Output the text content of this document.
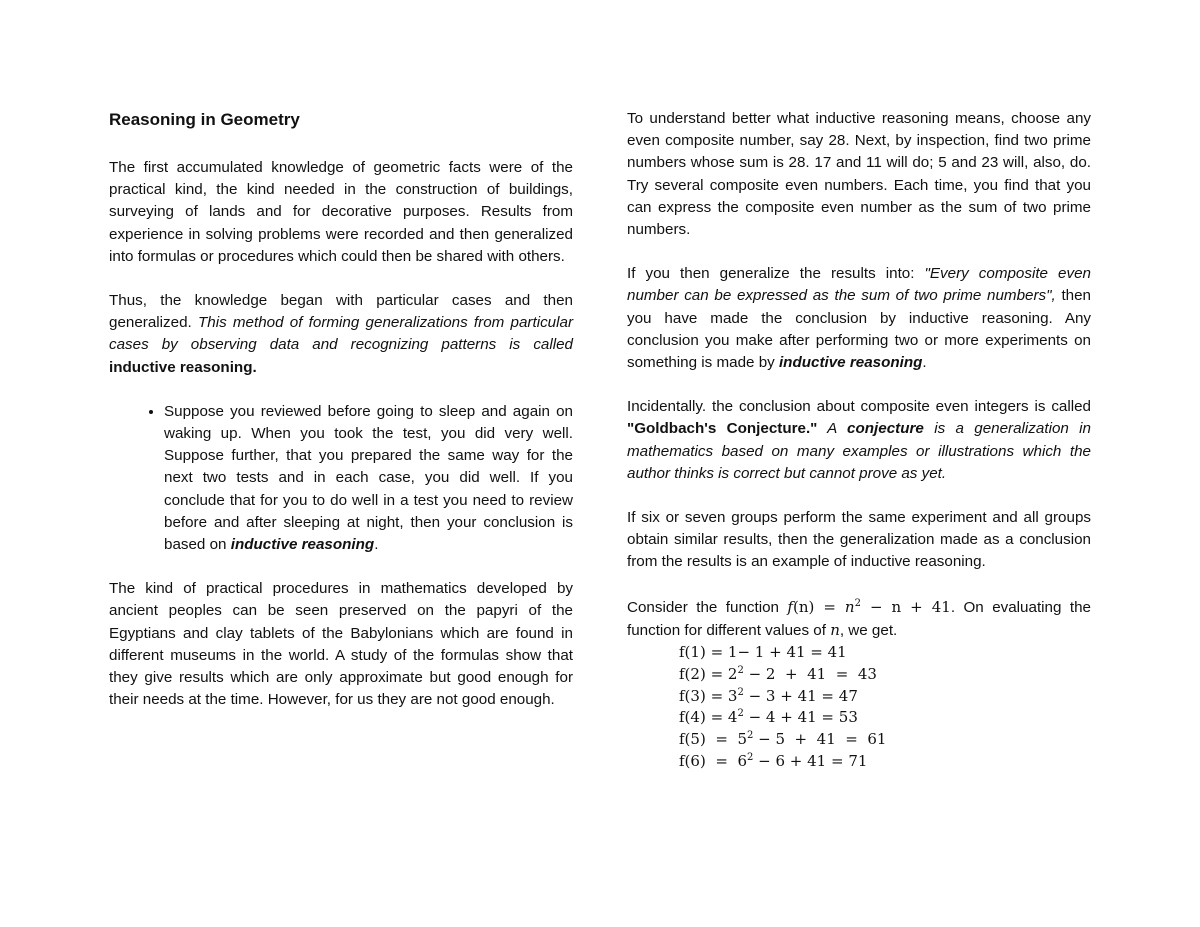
Reasoning in Geometry

The first accumulated knowledge of geometric facts were of the practical kind, the kind needed in the construction of buildings, surveying of lands and for decorative purposes. Results from experience in solving problems were recorded and then generalized into formulas or procedures which could then be shared with others.

Thus, the knowledge began with particular cases and then generalized. This method of forming generalizations from particular cases by observing data and recognizing patterns is called inductive reasoning.

• Suppose you reviewed before going to sleep and again on waking up. When you took the test, you did very well. Suppose further, that you prepared the same way for the next two tests and in each case, you did well. If you conclude that for you to do well in a test you need to review before and after sleeping at night, then your conclusion is based on inductive reasoning.

The kind of practical procedures in mathematics developed by ancient peoples can be seen preserved on the papyri of the Egyptians and clay tablets of the Babylonians which are found in different museums in the world. A study of the formulas show that they give results which are only approximate but good enough for their needs at the time. However, for us they are not good enough.

To understand better what inductive reasoning means, choose any even composite number, say 28. Next, by inspection, find two prime numbers whose sum is 28. 17 and 11 will do; 5 and 23 will, also, do. Try several composite even numbers. Each time, you find that you can express the composite even number as the sum of two prime numbers.

If you then generalize the results into: "Every composite even number can be expressed as the sum of two prime numbers", then you have made the conclusion by inductive reasoning. Any conclusion you make after performing two or more experiments on something is made by inductive reasoning.

Incidentally. the conclusion about composite even integers is called "Goldbach's Conjecture." A conjecture is a generalization in mathematics based on many examples or illustrations which the author thinks is correct but cannot prove as yet.

If six or seven groups perform the same experiment and all groups obtain similar results, then the generalization made as a conclusion from the results is an example of inductive reasoning.

Consider the function $f(n) = n^2 - n + 41$. On evaluating the function for different values of n, we get.

f(1) = 1− 1 + 41 = 41
$f(2) = 2^2 - 2 + 41 = 43$
$f(3) = 3^2 - 3 + 41 = 47$
$f(4) = 4^2 - 4 + 41 = 53$
$f(5) = 5^2 - 5 + 41 = 61$
$f(6) = 6^2 - 6 + 41 = 71$
